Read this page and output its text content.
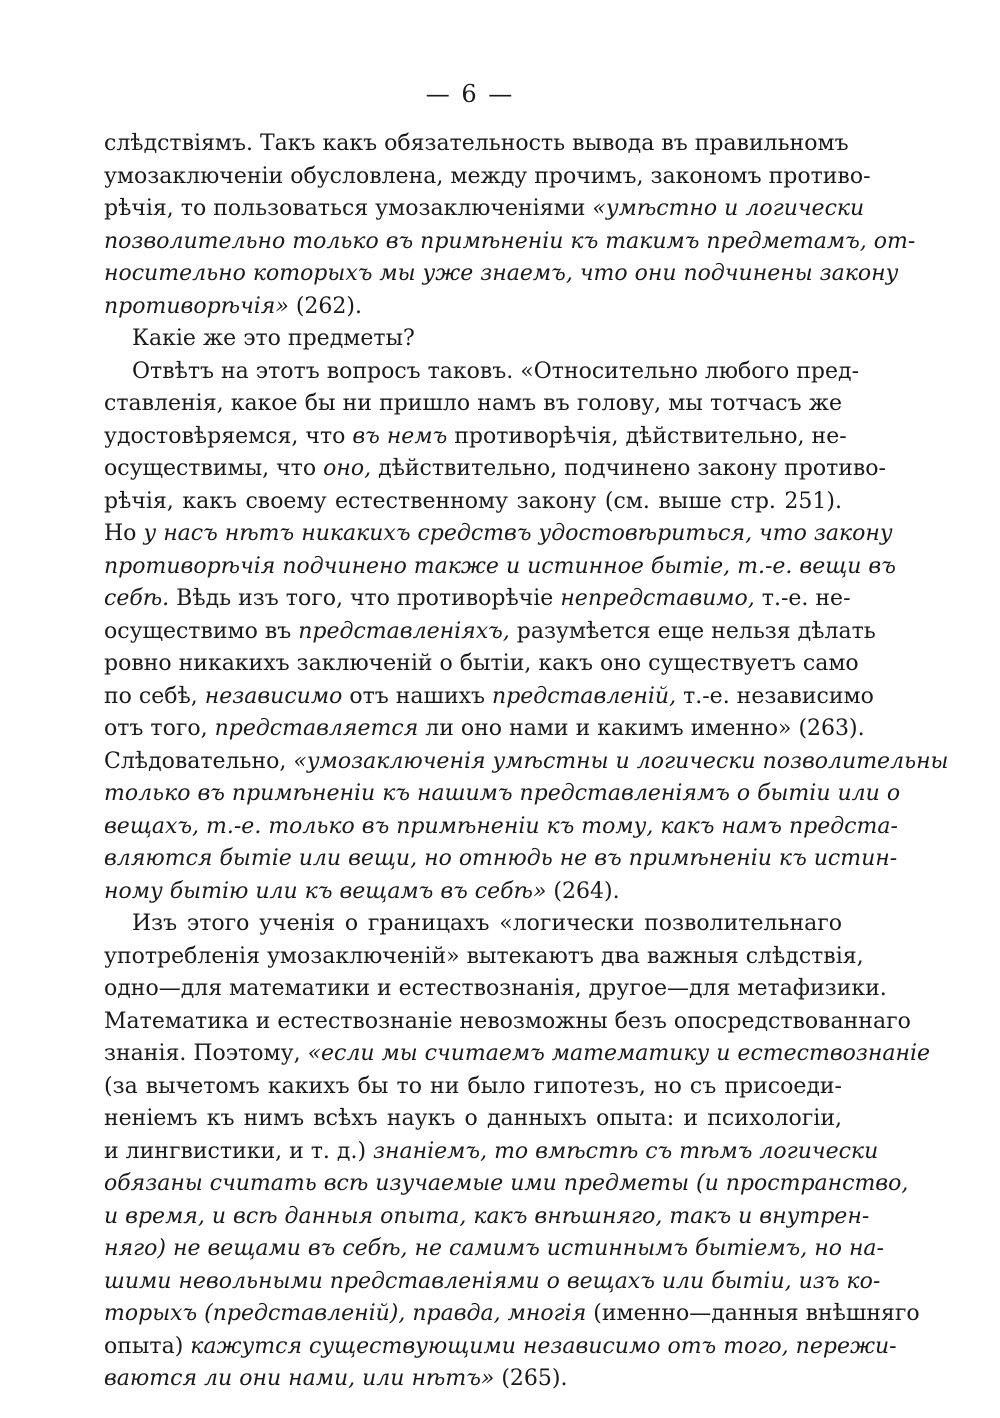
— 6 —

слѣдствіямъ. Такъ какъ обязательность вывода въ правильномъ
умозаключеніи обусловлена, между прочимъ, закономъ противо-
рѣчія, то пользоваться умозаключеніями «умѣстно и логически
позволительно только въ примѣненіи къ такимъ предметамъ, от-
носительно которыхъ мы уже знаемъ, что они подчинены закону
противорѣчія» (262).

Какіе же это предметы?

Отвѣтъ на этотъ вопросъ таковъ. «Относительно любого пред-
ставленія, какое бы ни пришло намъ въ голову, мы тотчасъ же
удостовѣряемся, что въ немъ противорѣчія, дѣйствительно, не-
осуществимы, что оно, дѣйствительно, подчинено закону противо-
рѣчія, какъ своему естественному закону (см. выше стр. 251).
Но у насъ нѣтъ никакихъ средствъ удостовѣриться, что закону
противорѣчія подчинено также и истинное бытіе, т.-е. вещи въ
себѣ. Вѣдь изъ того, что противорѣчіе непредставимо, т.-е. не-
осуществимо въ представленіяхъ, разумѣется еще нельзя дѣлать
ровно никакихъ заключеній о бытіи, какъ оно существуетъ само
по себѣ, независимо отъ нашихъ представленій, т.-е. независимо
отъ того, представляется ли оно нами и какимъ именно» (263).
Слѣдовательно, «умозаключенія умѣстны и логически позволительны
только въ примѣненіи къ нашимъ представленіямъ о бытіи или о
вещахъ, т.-е. только въ примѣненіи къ тому, какъ намъ предста-
вляются бытіе или вещи, но отнюдь не въ примѣненіи къ истин-
ному бытію или къ вещамъ въ себѣ» (264).

Изъ этого ученія о границахъ «логически позволительнаго
употребленія умозаключеній» вытекаютъ два важныя слѣдствія,
одно—для математики и естествознанія, другое—для метафизики.
Математика и естествознаніе невозможны безъ опосредствованнаго
знанія. Поэтому, «если мы считаемъ математику и естествознаніе
(за вычетомъ какихъ бы то ни было гипотезъ, но съ присоеди-
неніемъ къ нимъ всѣхъ наукъ о данныхъ опыта: и психологіи,
и лингвистики, и т. д.) знаніемъ, то вмѣстѣ съ тѣмъ логически
обязаны считать всѣ изучаемые ими предметы (и пространство,
и время, и всѣ данныя опыта, какъ внѣшняго, такъ и внутрен-
няго) не вещами въ себѣ, не самимъ истиннымъ бытіемъ, но на-
шими невольными представленіями о вещахъ или бытіи, изъ ко-
торыхъ (представленій), правда, многія (именно—данныя внѣшняго
опыта) кажутся существующими независимо отъ того, пережи-
ваются ли они нами, или нѣтъ» (265).
